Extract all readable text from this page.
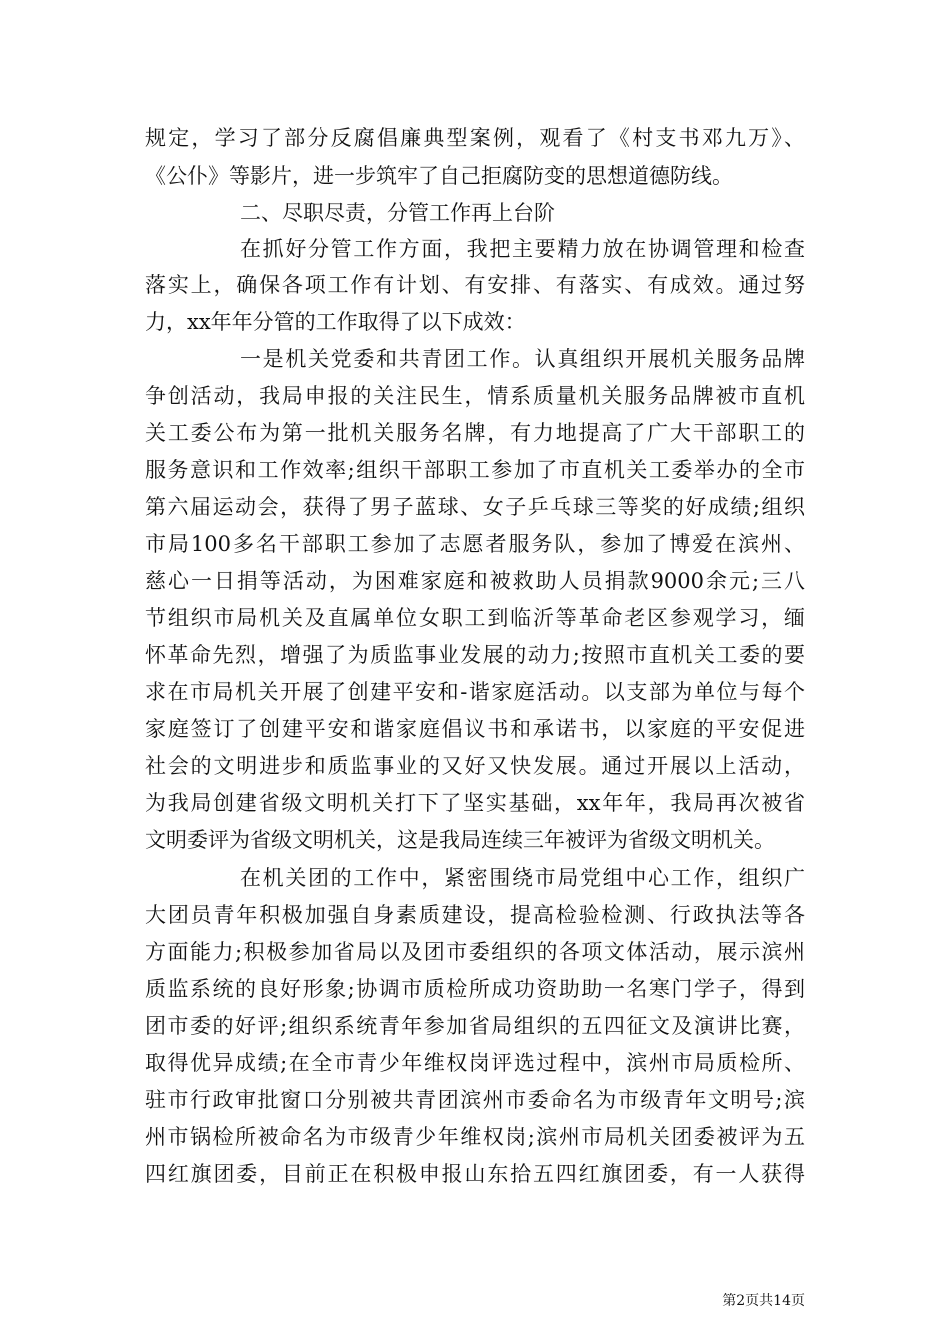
规定，学习了部分反腐倡廉典型案例，观看了《村支书邓九万》、
《公仆》等影片，进一步筑牢了自己拒腐防变的思想道德防线。
二、尽职尽责，分管工作再上台阶
在抓好分管工作方面，我把主要精力放在协调管理和检查
落实上，确保各项工作有计划、有安排、有落实、有成效。通过努
力，xx年年分管的工作取得了以下成效：
一是机关党委和共青团工作。认真组织开展机关服务品牌
争创活动，我局申报的关注民生，情系质量机关服务品牌被市直机
关工委公布为第一批机关服务名牌，有力地提高了广大干部职工的
服务意识和工作效率;组织干部职工参加了市直机关工委举办的全市
第六届运动会，获得了男子蓝球、女子乒乓球三等奖的好成绩;组织
市局100多名干部职工参加了志愿者服务队，参加了博爱在滨州、
慈心一日捐等活动，为困难家庭和被救助人员捐款9000余元;三八
节组织市局机关及直属单位女职工到临沂等革命老区参观学习，缅
怀革命先烈，增强了为质监事业发展的动力;按照市直机关工委的要
求在市局机关开展了创建平安和-谐家庭活动。以支部为单位与每个
家庭签订了创建平安和谐家庭倡议书和承诺书，以家庭的平安促进
社会的文明进步和质监事业的又好又快发展。通过开展以上活动，
为我局创建省级文明机关打下了坚实基础，xx年年，我局再次被省
文明委评为省级文明机关，这是我局连续三年被评为省级文明机关。
在机关团的工作中，紧密围绕市局党组中心工作，组织广
大团员青年积极加强自身素质建设，提高检验检测、行政执法等各
方面能力;积极参加省局以及团市委组织的各项文体活动，展示滨州
质监系统的良好形象;协调市质检所成功资助助一名寒门学子，得到
团市委的好评;组织系统青年参加省局组织的五四征文及演讲比赛，
取得优异成绩;在全市青少年维权岗评选过程中，滨州市局质检所、
驻市行政审批窗口分别被共青团滨州市委命名为市级青年文明号;滨
州市锅检所被命名为市级青少年维权岗;滨州市局机关团委被评为五
四红旗团委，目前正在积极申报山东拾五四红旗团委，有一人获得
第2页共14页
